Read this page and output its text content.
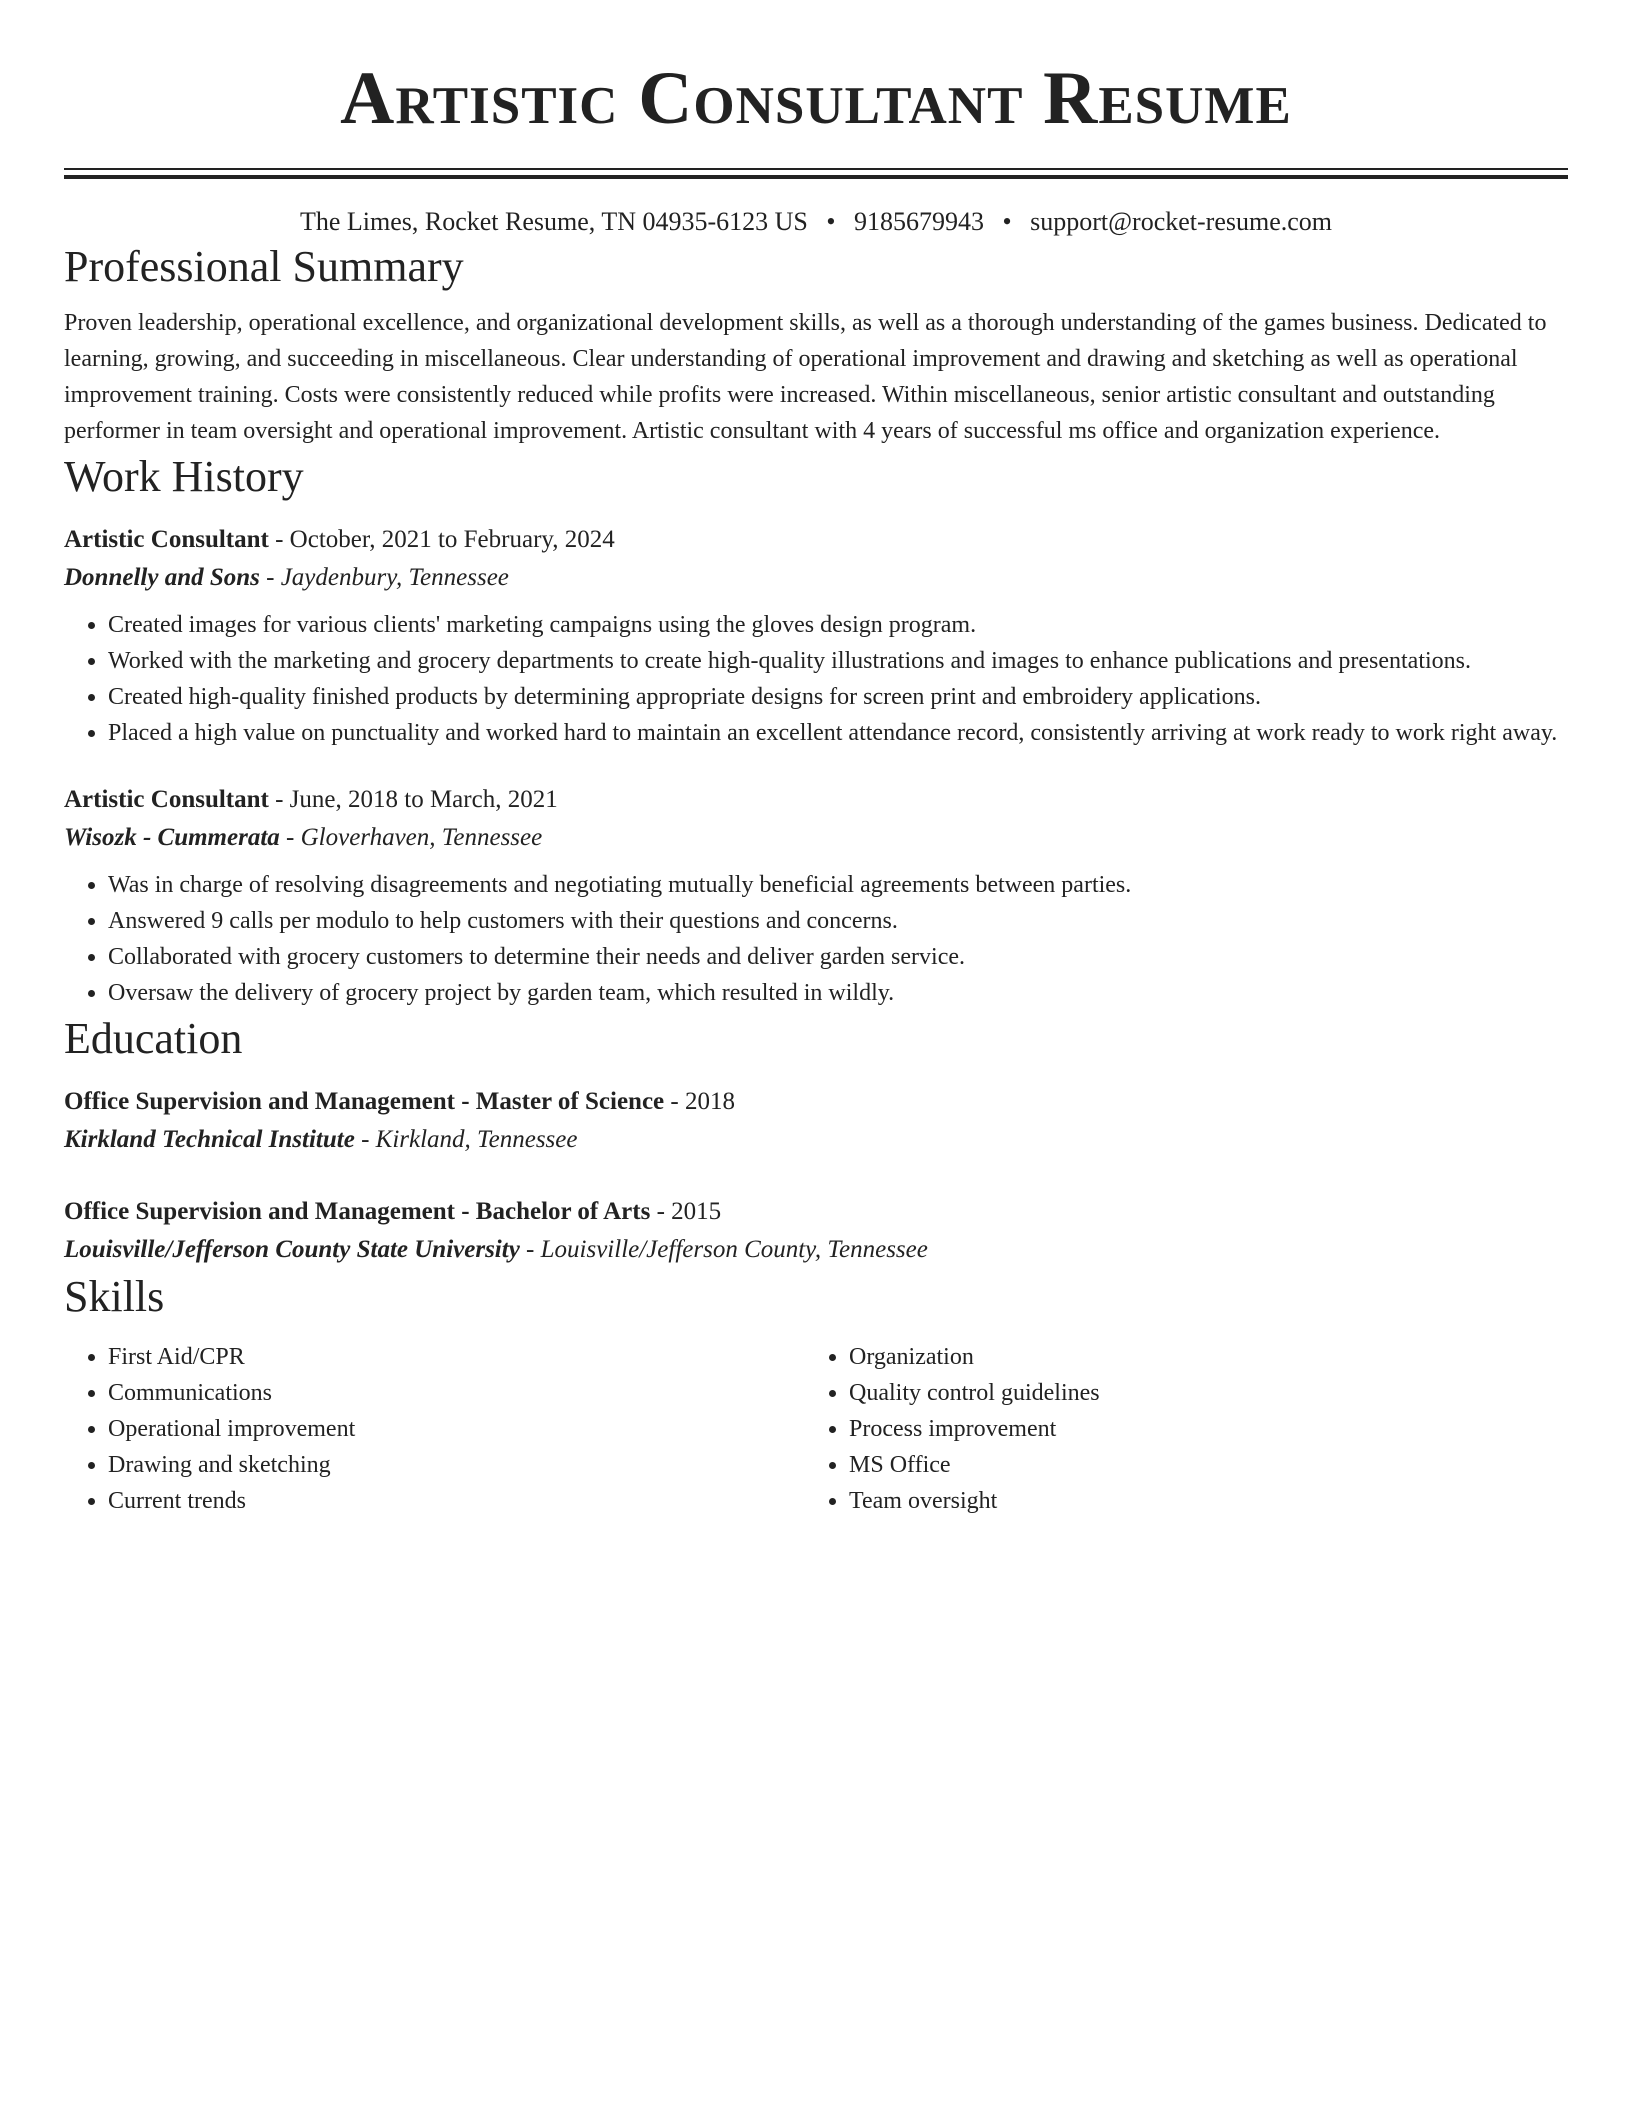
Artistic Consultant Resume
The Limes, Rocket Resume, TN 04935-6123 US • 9185679943 • support@rocket-resume.com
Professional Summary
Proven leadership, operational excellence, and organizational development skills, as well as a thorough understanding of the games business. Dedicated to learning, growing, and succeeding in miscellaneous. Clear understanding of operational improvement and drawing and sketching as well as operational improvement training. Costs were consistently reduced while profits were increased. Within miscellaneous, senior artistic consultant and outstanding performer in team oversight and operational improvement. Artistic consultant with 4 years of successful ms office and organization experience.
Work History
Artistic Consultant - October, 2021 to February, 2024
Donnelly and Sons - Jaydenbury, Tennessee
• Created images for various clients' marketing campaigns using the gloves design program.
• Worked with the marketing and grocery departments to create high-quality illustrations and images to enhance publications and presentations.
• Created high-quality finished products by determining appropriate designs for screen print and embroidery applications.
• Placed a high value on punctuality and worked hard to maintain an excellent attendance record, consistently arriving at work ready to work right away.
Artistic Consultant - June, 2018 to March, 2021
Wisozk - Cummerata - Gloverhaven, Tennessee
• Was in charge of resolving disagreements and negotiating mutually beneficial agreements between parties.
• Answered 9 calls per modulo to help customers with their questions and concerns.
• Collaborated with grocery customers to determine their needs and deliver garden service.
• Oversaw the delivery of grocery project by garden team, which resulted in wildly.
Education
Office Supervision and Management - Master of Science - 2018
Kirkland Technical Institute - Kirkland, Tennessee
Office Supervision and Management - Bachelor of Arts - 2015
Louisville/Jefferson County State University - Louisville/Jefferson County, Tennessee
Skills
• First Aid/CPR
• Communications
• Operational improvement
• Drawing and sketching
• Current trends
• Organization
• Quality control guidelines
• Process improvement
• MS Office
• Team oversight
